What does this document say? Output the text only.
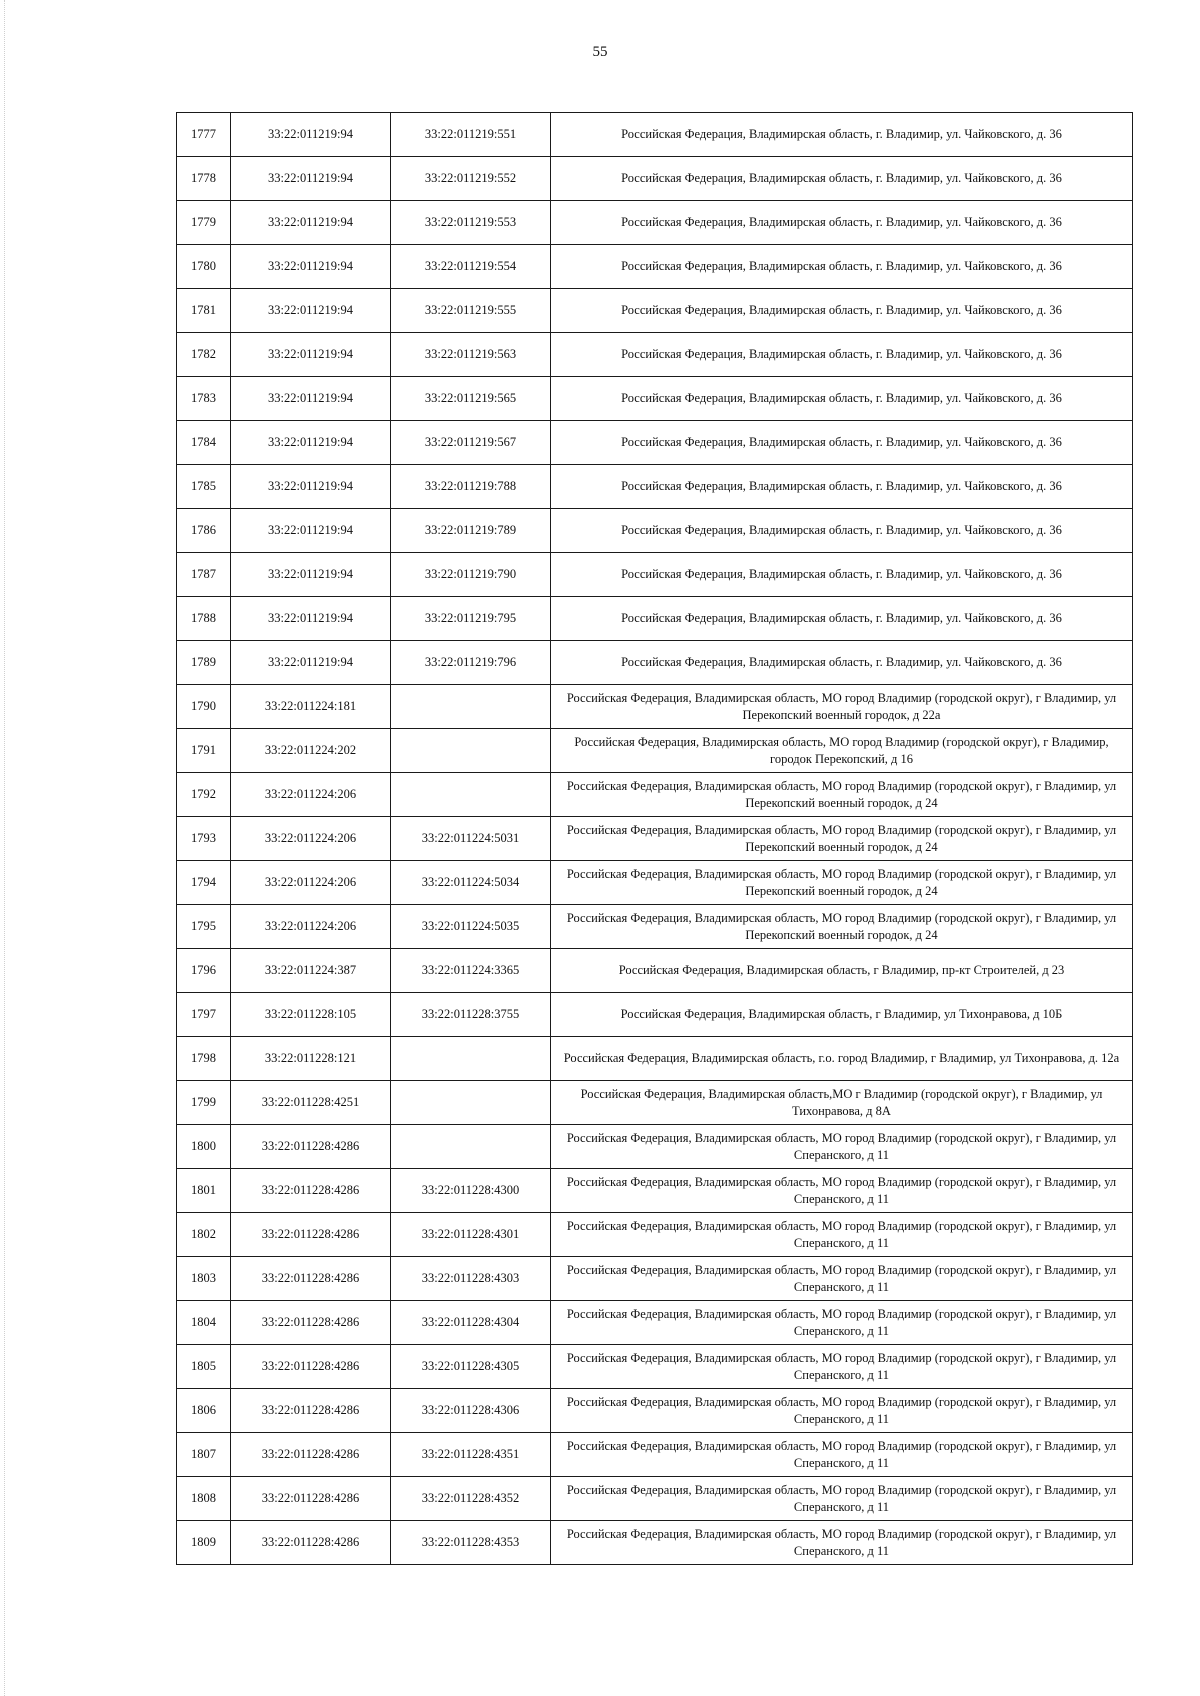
55
1777	33:22:011219:94	33:22:011219:551	Российская Федерация, Владимирская область, г. Владимир, ул. Чайковского, д. 36
1778	33:22:011219:94	33:22:011219:552	Российская Федерация, Владимирская область, г. Владимир, ул. Чайковского, д. 36
1779	33:22:011219:94	33:22:011219:553	Российская Федерация, Владимирская область, г. Владимир, ул. Чайковского, д. 36
1780	33:22:011219:94	33:22:011219:554	Российская Федерация, Владимирская область, г. Владимир, ул. Чайковского, д. 36
1781	33:22:011219:94	33:22:011219:555	Российская Федерация, Владимирская область, г. Владимир, ул. Чайковского, д. 36
1782	33:22:011219:94	33:22:011219:563	Российская Федерация, Владимирская область, г. Владимир, ул. Чайковского, д. 36
1783	33:22:011219:94	33:22:011219:565	Российская Федерация, Владимирская область, г. Владимир, ул. Чайковского, д. 36
1784	33:22:011219:94	33:22:011219:567	Российская Федерация, Владимирская область, г. Владимир, ул. Чайковского, д. 36
1785	33:22:011219:94	33:22:011219:788	Российская Федерация, Владимирская область, г. Владимир, ул. Чайковского, д. 36
1786	33:22:011219:94	33:22:011219:789	Российская Федерация, Владимирская область, г. Владимир, ул. Чайковского, д. 36
1787	33:22:011219:94	33:22:011219:790	Российская Федерация, Владимирская область, г. Владимир, ул. Чайковского, д. 36
1788	33:22:011219:94	33:22:011219:795	Российская Федерация, Владимирская область, г. Владимир, ул. Чайковского, д. 36
1789	33:22:011219:94	33:22:011219:796	Российская Федерация, Владимирская область, г. Владимир, ул. Чайковского, д. 36
1790	33:22:011224:181		Российская Федерация, Владимирская область, МО город Владимир (городской округ), г Владимир, ул Перекопский военный городок, д 22а
1791	33:22:011224:202		Российская Федерация, Владимирская область, МО город Владимир (городской округ), г Владимир, городок Перекопский, д 16
1792	33:22:011224:206		Российская Федерация, Владимирская область, МО город Владимир (городской округ), г Владимир, ул Перекопский военный городок, д 24
1793	33:22:011224:206	33:22:011224:5031	Российская Федерация, Владимирская область, МО город Владимир (городской округ), г Владимир, ул Перекопский военный городок, д 24
1794	33:22:011224:206	33:22:011224:5034	Российская Федерация, Владимирская область, МО город Владимир (городской округ), г Владимир, ул Перекопский военный городок, д 24
1795	33:22:011224:206	33:22:011224:5035	Российская Федерация, Владимирская область, МО город Владимир (городской округ), г Владимир, ул Перекопский военный городок, д 24
1796	33:22:011224:387	33:22:011224:3365	Российская Федерация, Владимирская область, г Владимир, пр-кт Строителей, д 23
1797	33:22:011228:105	33:22:011228:3755	Российская Федерация, Владимирская область, г Владимир, ул Тихонравова, д 10Б
1798	33:22:011228:121		Российская Федерация, Владимирская область, г.о. город Владимир, г Владимир, ул Тихонравова, д. 12а
1799	33:22:011228:4251		Российская Федерация, Владимирская область,МО г Владимир (городской округ), г Владимир, ул Тихонравова, д 8А
1800	33:22:011228:4286		Российская Федерация, Владимирская область, МО город Владимир (городской округ), г Владимир, ул Сперанского, д 11
1801	33:22:011228:4286	33:22:011228:4300	Российская Федерация, Владимирская область, МО город Владимир (городской округ), г Владимир, ул Сперанского, д 11
1802	33:22:011228:4286	33:22:011228:4301	Российская Федерация, Владимирская область, МО город Владимир (городской округ), г Владимир, ул Сперанского, д 11
1803	33:22:011228:4286	33:22:011228:4303	Российская Федерация, Владимирская область, МО город Владимир (городской округ), г Владимир, ул Сперанского, д 11
1804	33:22:011228:4286	33:22:011228:4304	Российская Федерация, Владимирская область, МО город Владимир (городской округ), г Владимир, ул Сперанского, д 11
1805	33:22:011228:4286	33:22:011228:4305	Российская Федерация, Владимирская область, МО город Владимир (городской округ), г Владимир, ул Сперанского, д 11
1806	33:22:011228:4286	33:22:011228:4306	Российская Федерация, Владимирская область, МО город Владимир (городской округ), г Владимир, ул Сперанского, д 11
1807	33:22:011228:4286	33:22:011228:4351	Российская Федерация, Владимирская область, МО город Владимир (городской округ), г Владимир, ул Сперанского, д 11
1808	33:22:011228:4286	33:22:011228:4352	Российская Федерация, Владимирская область, МО город Владимир (городской округ), г Владимир, ул Сперанского, д 11
1809	33:22:011228:4286	33:22:011228:4353	Российская Федерация, Владимирская область, МО город Владимир (городской округ), г Владимир, ул Сперанского, д 11
